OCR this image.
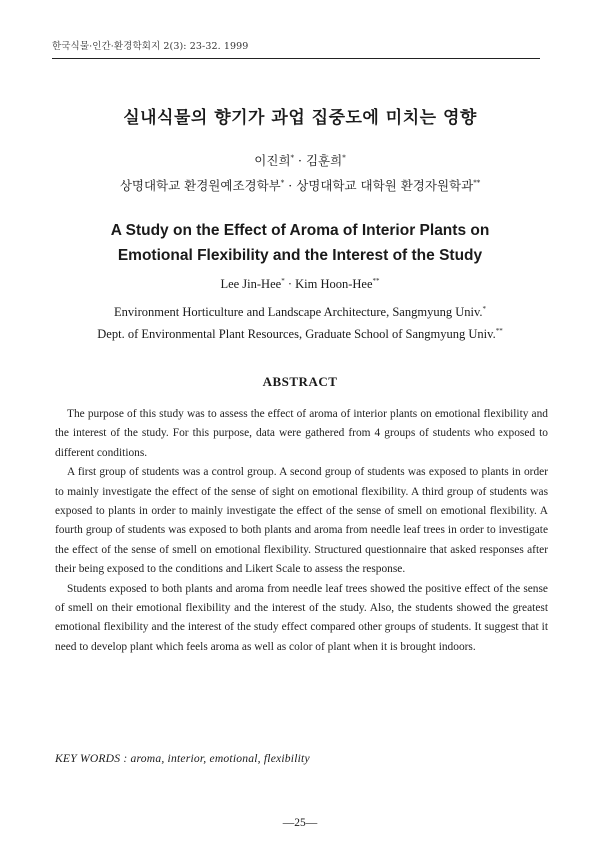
한국식물·인간·환경학회지 2(3): 23-32. 1999
실내식물의 향기가 과업 집중도에 미치는 영향
이진희* · 김훈희*
상명대학교 환경원예조경학부* · 상명대학교 대학원 환경자원학과**
A Study on the Effect of Aroma of Interior Plants on
Emotional Flexibility and the Interest of the Study
Lee Jin-Hee* · Kim Hoon-Hee**
Environment Horticulture and Landscape Architecture, Sangmyung Univ.*
Dept. of Environmental Plant Resources, Graduate School of Sangmyung Univ.**
ABSTRACT

The purpose of this study was to assess the effect of aroma of interior plants on emotional flexibility and the interest of the study. For this purpose, data were gathered from 4 groups of students who exposed to different conditions.

A first group of students was a control group. A second group of students was exposed to plants in order to mainly investigate the effect of the sense of sight on emotional flexibility. A third group of students was exposed to plants in order to mainly investigate the effect of the sense of smell on emotional flexibility. A fourth group of students was exposed to both plants and aroma from needle leaf trees in order to investigate the effect of the sense of smell on emotional flexibility. Structured questionnaire that asked responses after their being exposed to the conditions and Likert Scale to assess the response.

Students exposed to both plants and aroma from needle leaf trees showed the positive effect of the sense of smell on their emotional flexibility and the interest of the study. Also, the students showed the greatest emotional flexibility and the interest of the study effect compared other groups of students. It suggest that it need to develop plant which feels aroma as well as color of plant when it is brought indoors.

KEY WORDS : aroma, interior, emotional, flexibility
—25—
